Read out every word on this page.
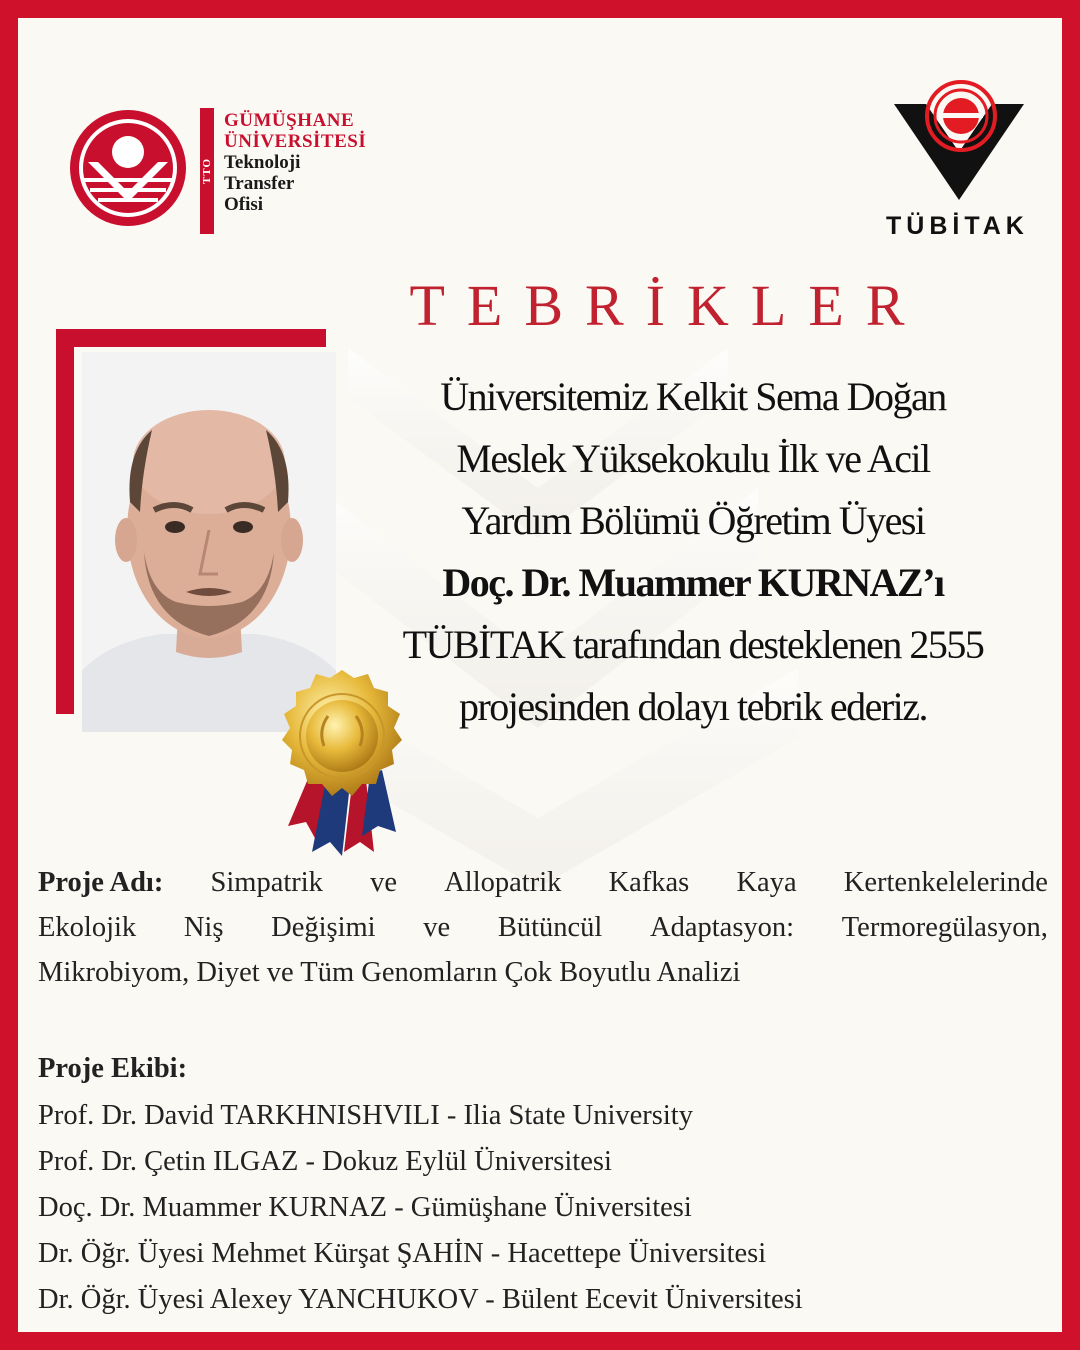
TTO
GÜMÜŞHANE
ÜNİVERSİTESİ
Teknoloji
Transfer
Ofisi
TÜBİTAK
TEBRİKLER
Üniversitemiz Kelkit Sema Doğan
Meslek Yüksekokulu İlk ve Acil
Yardım Bölümü Öğretim Üyesi
Doç. Dr. Muammer KURNAZ’ı
TÜBİTAK tarafından desteklenen 2555
projesinden dolayı tebrik ederiz.
Proje Adı: Simpatrik ve Allopatrik Kafkas Kaya Kertenkelelerinde
Ekolojik Niş Değişimi ve Bütüncül Adaptasyon: Termoregülasyon,
Mikrobiyom, Diyet ve Tüm Genomların Çok Boyutlu Analizi
Proje Ekibi:
Prof. Dr. David TARKHNISHVILI - Ilia State University
Prof. Dr. Çetin ILGAZ - Dokuz Eylül Üniversitesi
Doç. Dr. Muammer KURNAZ - Gümüşhane Üniversitesi
Dr. Öğr. Üyesi Mehmet Kürşat ŞAHİN - Hacettepe Üniversitesi
Dr. Öğr. Üyesi Alexey YANCHUKOV - Bülent Ecevit Üniversitesi
